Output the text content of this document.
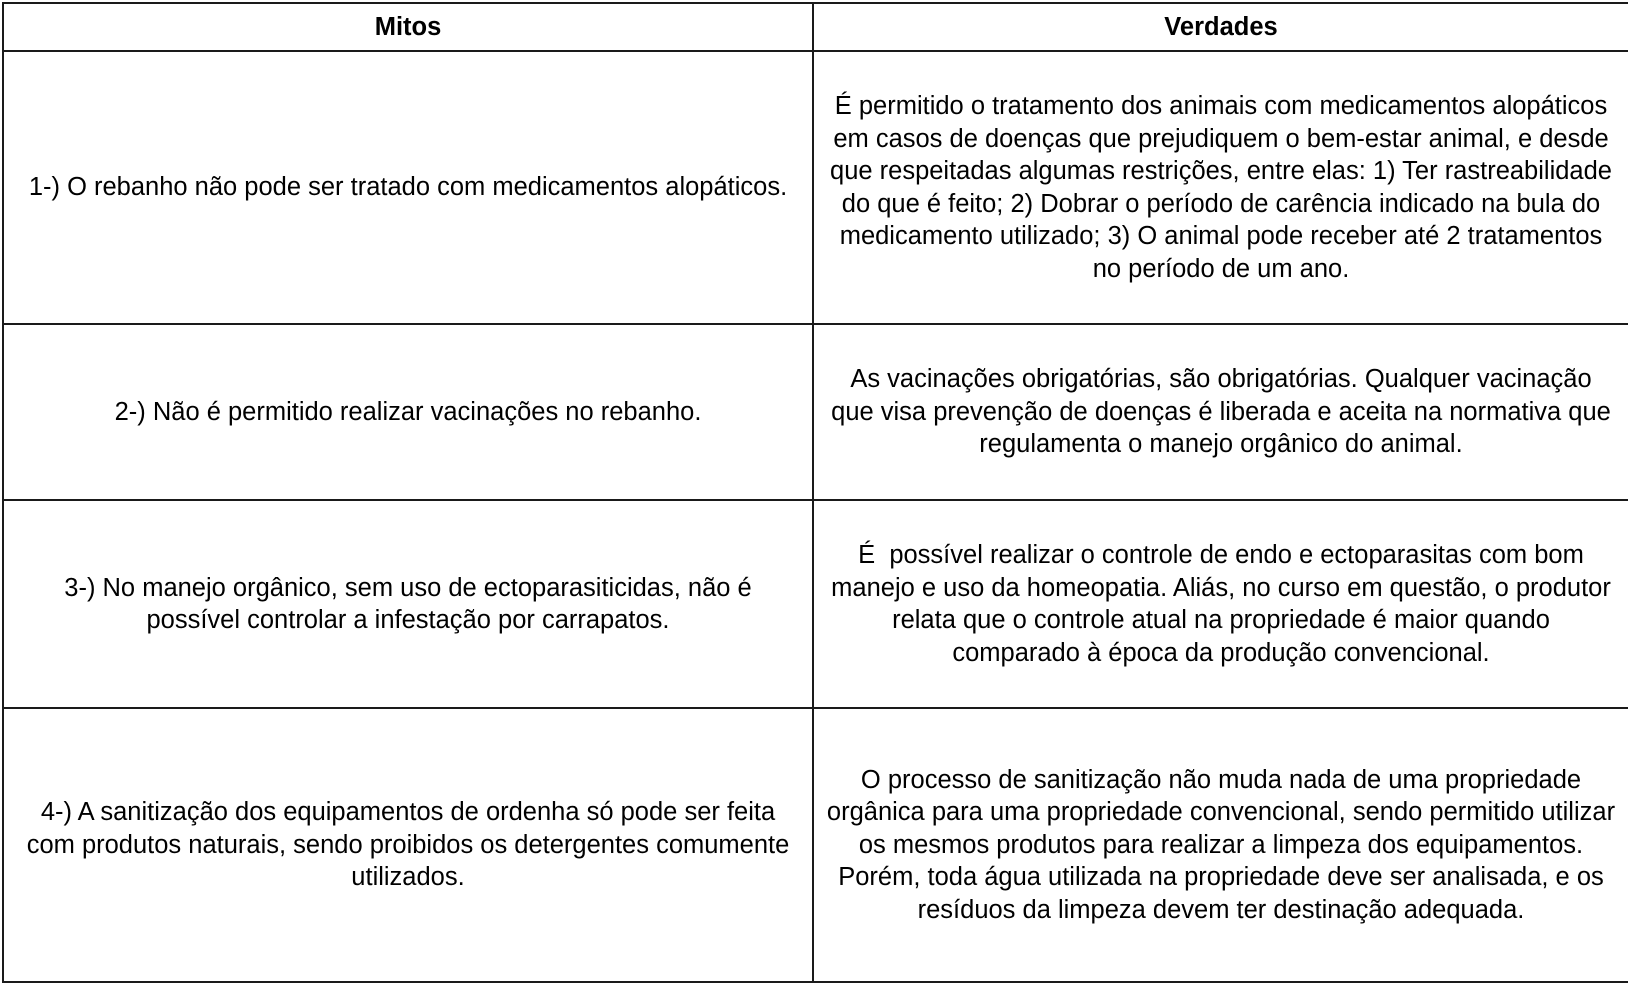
Mitos	Verdades

1-) O rebanho não pode ser tratado com medicamentos alopáticos.	É permitido o tratamento dos animais com medicamentos alopáticos em casos de doenças que prejudiquem o bem-estar animal, e desde que respeitadas algumas restrições, entre elas: 1) Ter rastreabilidade do que é feito; 2) Dobrar o período de carência indicado na bula do medicamento utilizado; 3) O animal pode receber até 2 tratamentos no período de um ano.

2-) Não é permitido realizar vacinações no rebanho.	As vacinações obrigatórias, são obrigatórias. Qualquer vacinação que visa prevenção de doenças é liberada e aceita na normativa que regulamenta o manejo orgânico do animal.

3-) No manejo orgânico, sem uso de ectoparasiticidas, não é possível controlar a infestação por carrapatos.	É  possível realizar o controle de endo e ectoparasitas com bom manejo e uso da homeopatia. Aliás, no curso em questão, o produtor relata que o controle atual na propriedade é maior quando comparado à época da produção convencional.

4-) A sanitização dos equipamentos de ordenha só pode ser feita com produtos naturais, sendo proibidos os detergentes comumente utilizados.	O processo de sanitização não muda nada de uma propriedade orgânica para uma propriedade convencional, sendo permitido utilizar os mesmos produtos para realizar a limpeza dos equipamentos. Porém, toda água utilizada na propriedade deve ser analisada, e os resíduos da limpeza devem ter destinação adequada.
